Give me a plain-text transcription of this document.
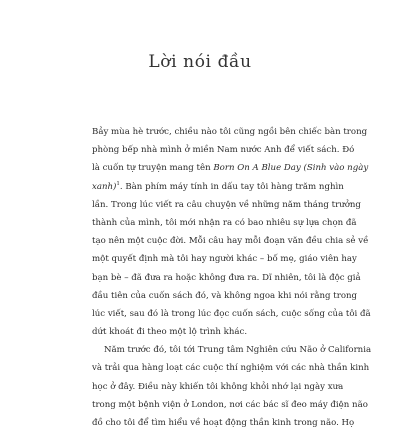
Lời nói đầu
Bảy mùa hè trước, chiều nào tôi cũng ngồi bên chiếc bàn trong
phòng bếp nhà mình ở miền Nam nước Anh để viết sách. Đó
là cuốn tự truyện mang tên Born On A Blue Day (Sinh vào ngày
xanh)$^1$. Bàn phím máy tính in dấu tay tôi hàng trăm nghìn
lần. Trong lúc viết ra câu chuyện về những năm tháng trưởng
thành của mình, tôi mới nhận ra có bao nhiêu sự lựa chọn đã
tạo nên một cuộc đời. Mỗi câu hay mỗi đoạn văn đều chia sẻ về
một quyết định mà tôi hay người khác – bố mẹ, giáo viên hay
bạn bè – đã đưa ra hoặc không đưa ra. Dĩ nhiên, tôi là độc giả
đầu tiên của cuốn sách đó, và không ngoa khi nói rằng trong
lúc viết, sau đó là trong lúc đọc cuốn sách, cuộc sống của tôi đã
dứt khoát đi theo một lộ trình khác.
Năm trước đó, tôi tới Trung tâm Nghiên cứu Não ở California
và trải qua hàng loạt các cuộc thí nghiệm với các nhà thần kinh
học ở đây. Điều này khiến tôi không khỏi nhớ lại ngày xưa
trong một bệnh viện ở London, nơi các bác sĩ đeo máy điện não
đồ cho tôi để tìm hiểu về hoạt động thần kinh trong não. Họ
